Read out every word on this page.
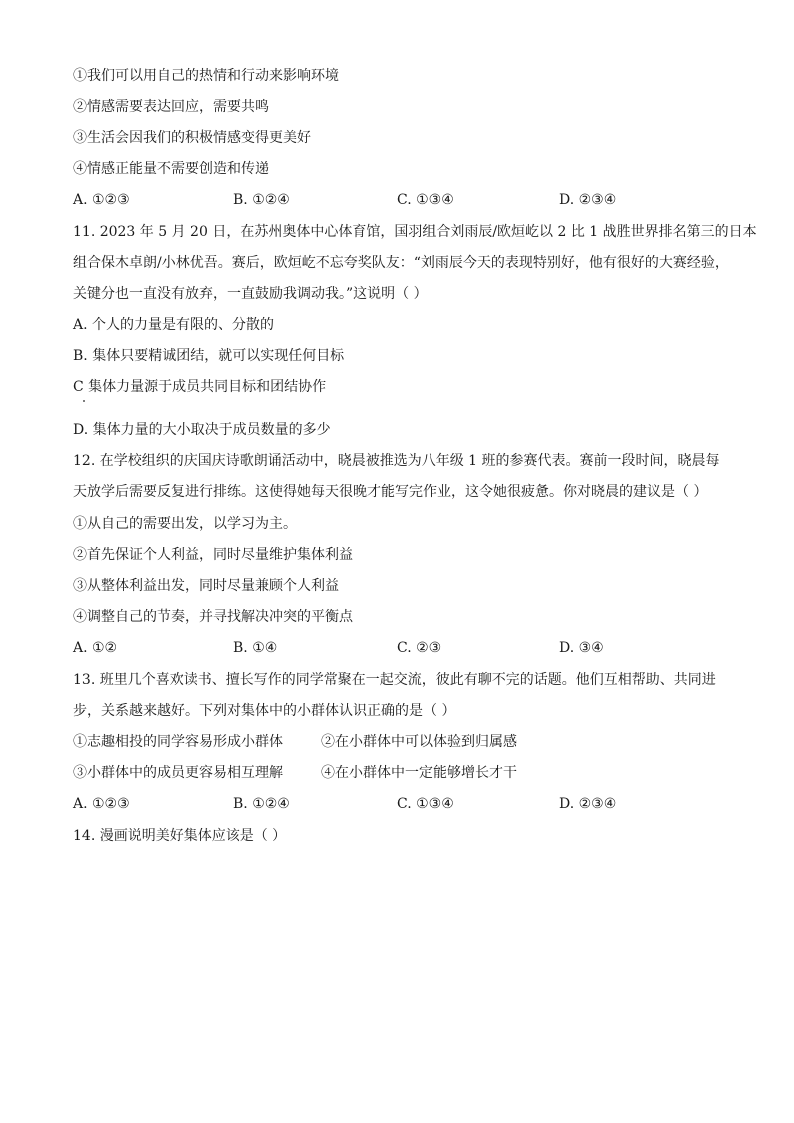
①我们可以用自己的热情和行动来影响环境
②情感需要表达回应，需要共鸣
③生活会因我们的积极情感变得更美好
④情感正能量不需要创造和传递
A. ①②③	B. ①②④	C. ①③④	D. ②③④
11. 2023 年 5 月 20 日，在苏州奥体中心体育馆，国羽组合刘雨辰/欧烜屹以 2 比 1 战胜世界排名第三的日本
组合保木卓朗/小林优吾。赛后，欧烜屹不忘夸奖队友：“刘雨辰今天的表现特别好，他有很好的大赛经验，
关键分也一直没有放弃，一直鼓励我调动我。”这说明（ ）
A. 个人的力量是有限的、分散的
B. 集体只要精诚团结，就可以实现任何目标
C 集体力量源于成员共同目标和团结协作
D. 集体力量的大小取决于成员数量的多少
12. 在学校组织的庆国庆诗歌朗诵活动中，晓晨被推选为八年级 1 班的参赛代表。赛前一段时间，晓晨每
天放学后需要反复进行排练。这使得她每天很晚才能写完作业，这令她很疲惫。你对晓晨的建议是（ ）
①从自己的需要出发，以学习为主。
②首先保证个人利益，同时尽量维护集体利益
③从整体利益出发，同时尽量兼顾个人利益
④调整自己的节奏，并寻找解决冲突的平衡点
A. ①②	B. ①④	C. ②③	D. ③④
13. 班里几个喜欢读书、擅长写作的同学常聚在一起交流，彼此有聊不完的话题。他们互相帮助、共同进
步，关系越来越好。下列对集体中的小群体认识正确的是（ ）
①志趣相投的同学容易形成小群体	②在小群体中可以体验到归属感
③小群体中的成员更容易相互理解	④在小群体中一定能够增长才干
A. ①②③	B. ①②④	C. ①③④	D. ②③④
14. 漫画说明美好集体应该是（ ）
